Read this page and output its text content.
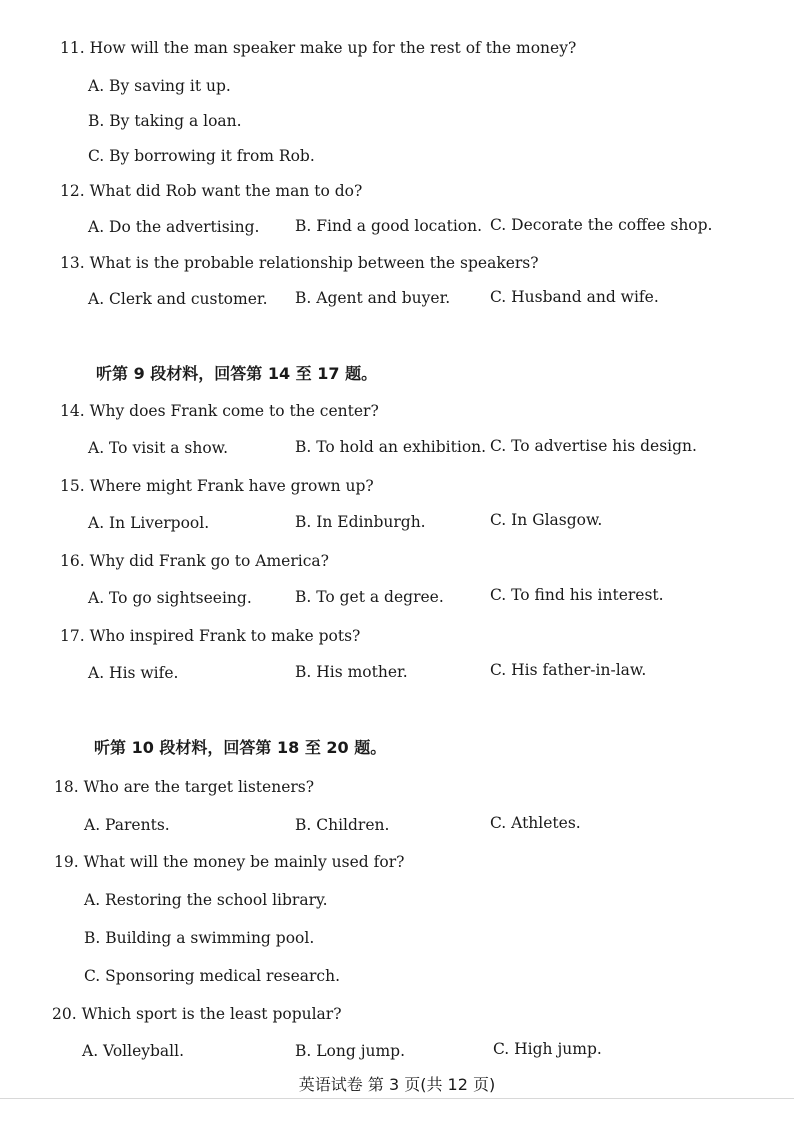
11. How will the man speaker make up for the rest of the money?
A. By saving it up.
B. By taking a loan.
C. By borrowing it from Rob.
12. What did Rob want the man to do?
A. Do the advertising. B. Find a good location. C. Decorate the coffee shop.
13. What is the probable relationship between the speakers?
A. Clerk and customer. B. Agent and buyer.	C. Husband and wife.
听第 9 段材料，回答第 14 至 17 题。
14. Why does Frank come to the center?
A. To visit a show.	B. To hold an exhibition. C. To advertise his design.
15. Where might Frank have grown up?
A. In Liverpool.	B. In Edinburgh.	C. In Glasgow.
16. Why did Frank go to America?
A. To go sightseeing.	B. To get a degree.	C. To find his interest.
17. Who inspired Frank to make pots?
A. His wife.	B. His mother.	C. His father-in-law.
听第 10 段材料，回答第 18 至 20 题。
18. Who are the target listeners?
A. Parents.	B. Children.	C. Athletes.
19. What will the money be mainly used for?
A. Restoring the school library.
B. Building a swimming pool.
C. Sponsoring medical research.
20. Which sport is the least popular?
A. Volleyball.	B. Long jump.	C. High jump.
英语试卷 第 3 页(共 12 页)
